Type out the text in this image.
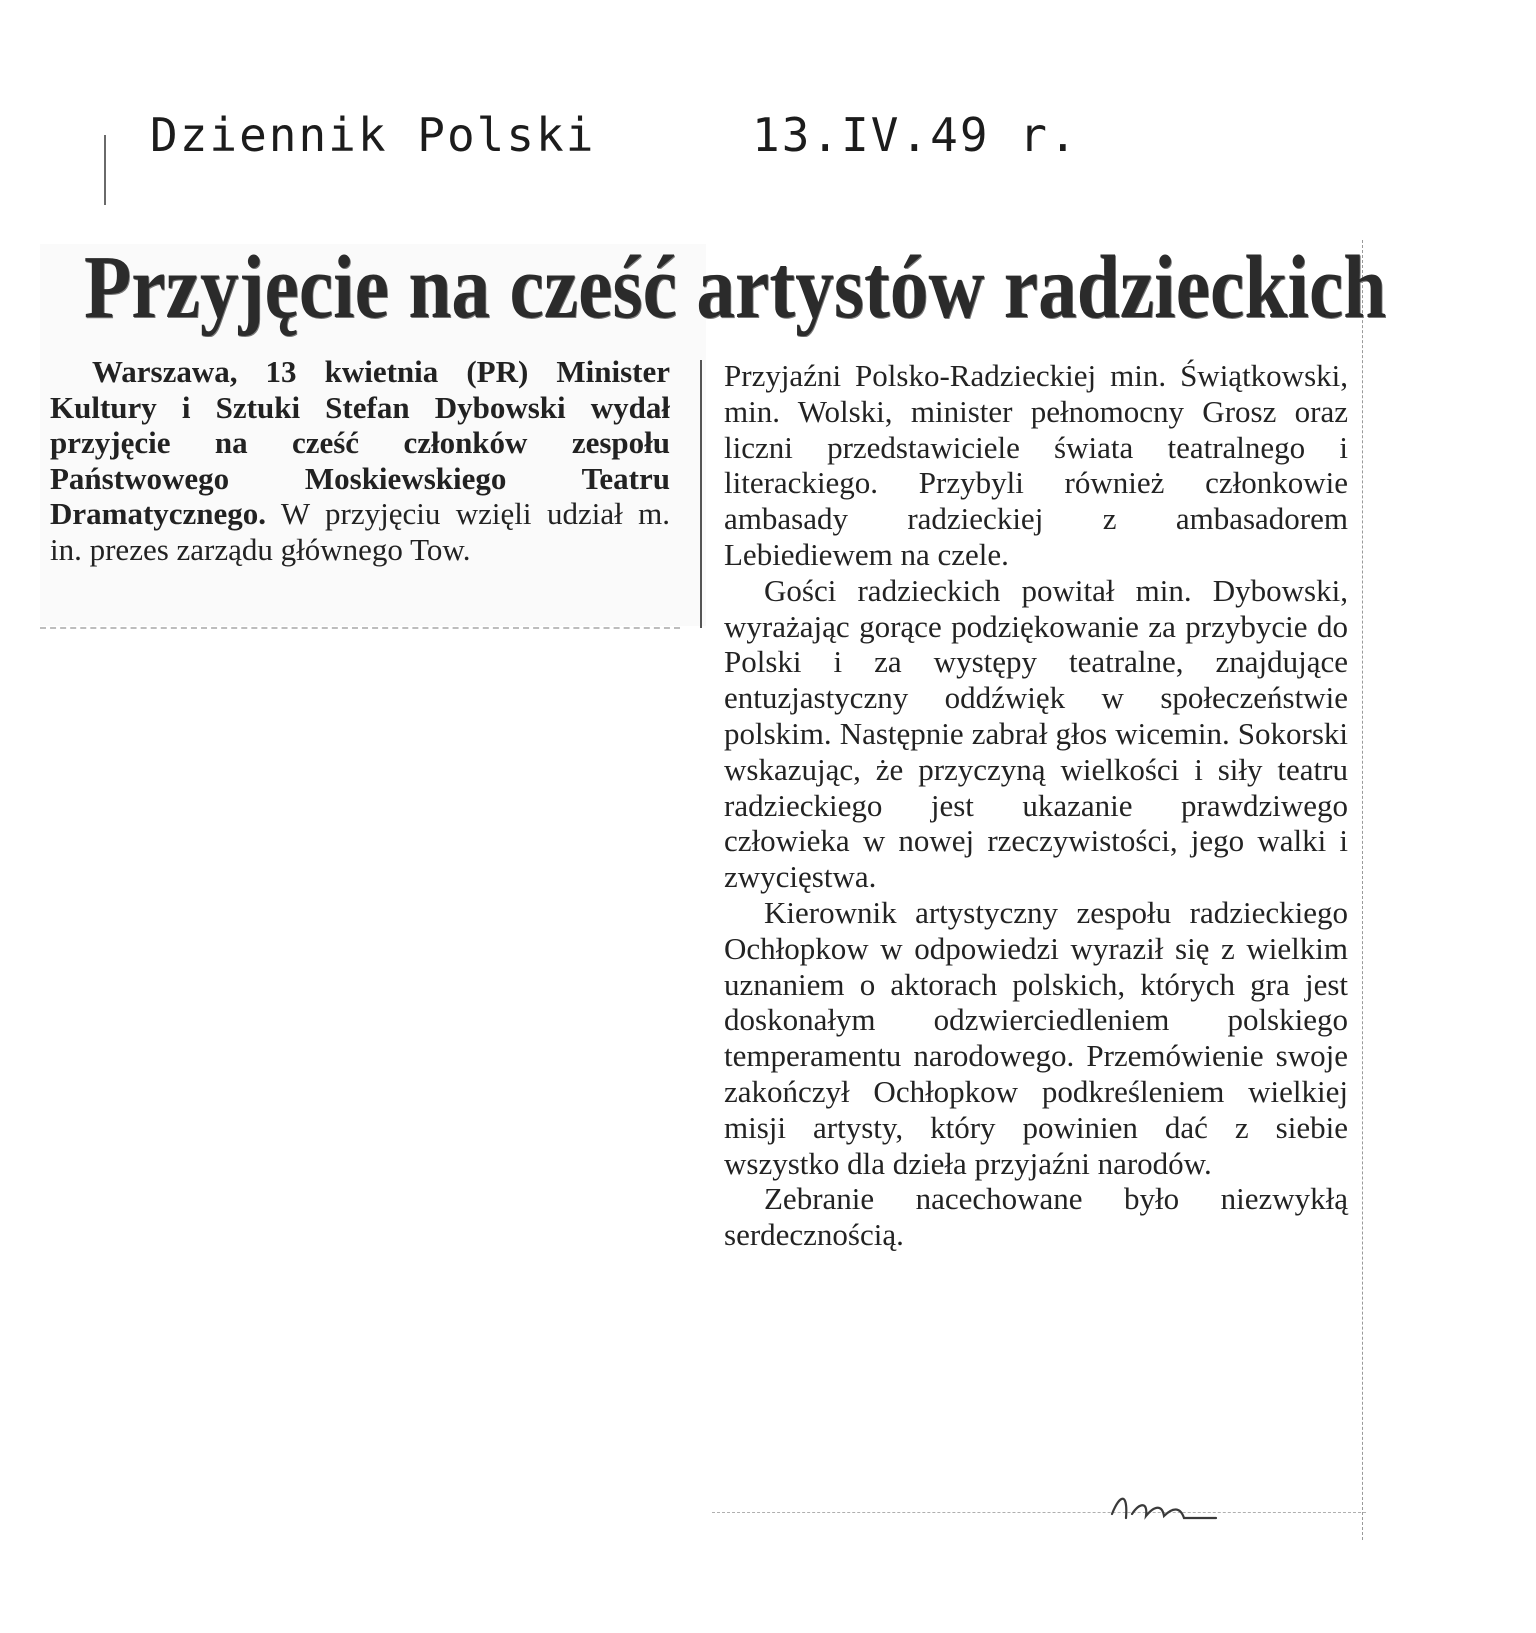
Dziennik Polski	13.IV.49 r.
Przyjęcie na cześć artystów radzieckich

Warszawa, 13 kwietnia (PR) Minister Kultury i Sztuki Stefan Dybowski wydał przyjęcie na cześć członków zespołu Państwowego Moskiewskiego Teatru Dramatycznego. W przyjęciu wzięli udział m. in. prezes zarządu głównego Tow.

Przyjaźni Polsko-Radzieckiej min. Świątkowski, min. Wolski, minister pełnomocny Grosz oraz liczni przedstawiciele świata teatralnego i literackiego. Przybyli również członkowie ambasady radzieckiej z ambasadorem Lebiediewem na czele.

Gości radzieckich powitał min. Dybowski, wyrażając gorące podziękowanie za przybycie do Polski i za występy teatralne, znajdujące entuzjastyczny oddźwięk w społeczeństwie polskim. Następnie zabrał głos wicemin. Sokorski wskazując, że przyczyną wielkości i siły teatru radzieckiego jest ukazanie prawdziwego człowieka w nowej rzeczywistości, jego walki i zwycięstwa.

Kierownik artystyczny zespołu radzieckiego Ochłopkow w odpowiedzi wyraził się z wielkim uznaniem o aktorach polskich, których gra jest doskonałym odzwierciedleniem polskiego temperamentu narodowego. Przemówienie swoje zakończył Ochłopkow podkreśleniem wielkiej misji artysty, który powinien dać z siebie wszystko dla dzieła przyjaźni narodów.

Zebranie nacechowane było niezwykłą serdecznością.
